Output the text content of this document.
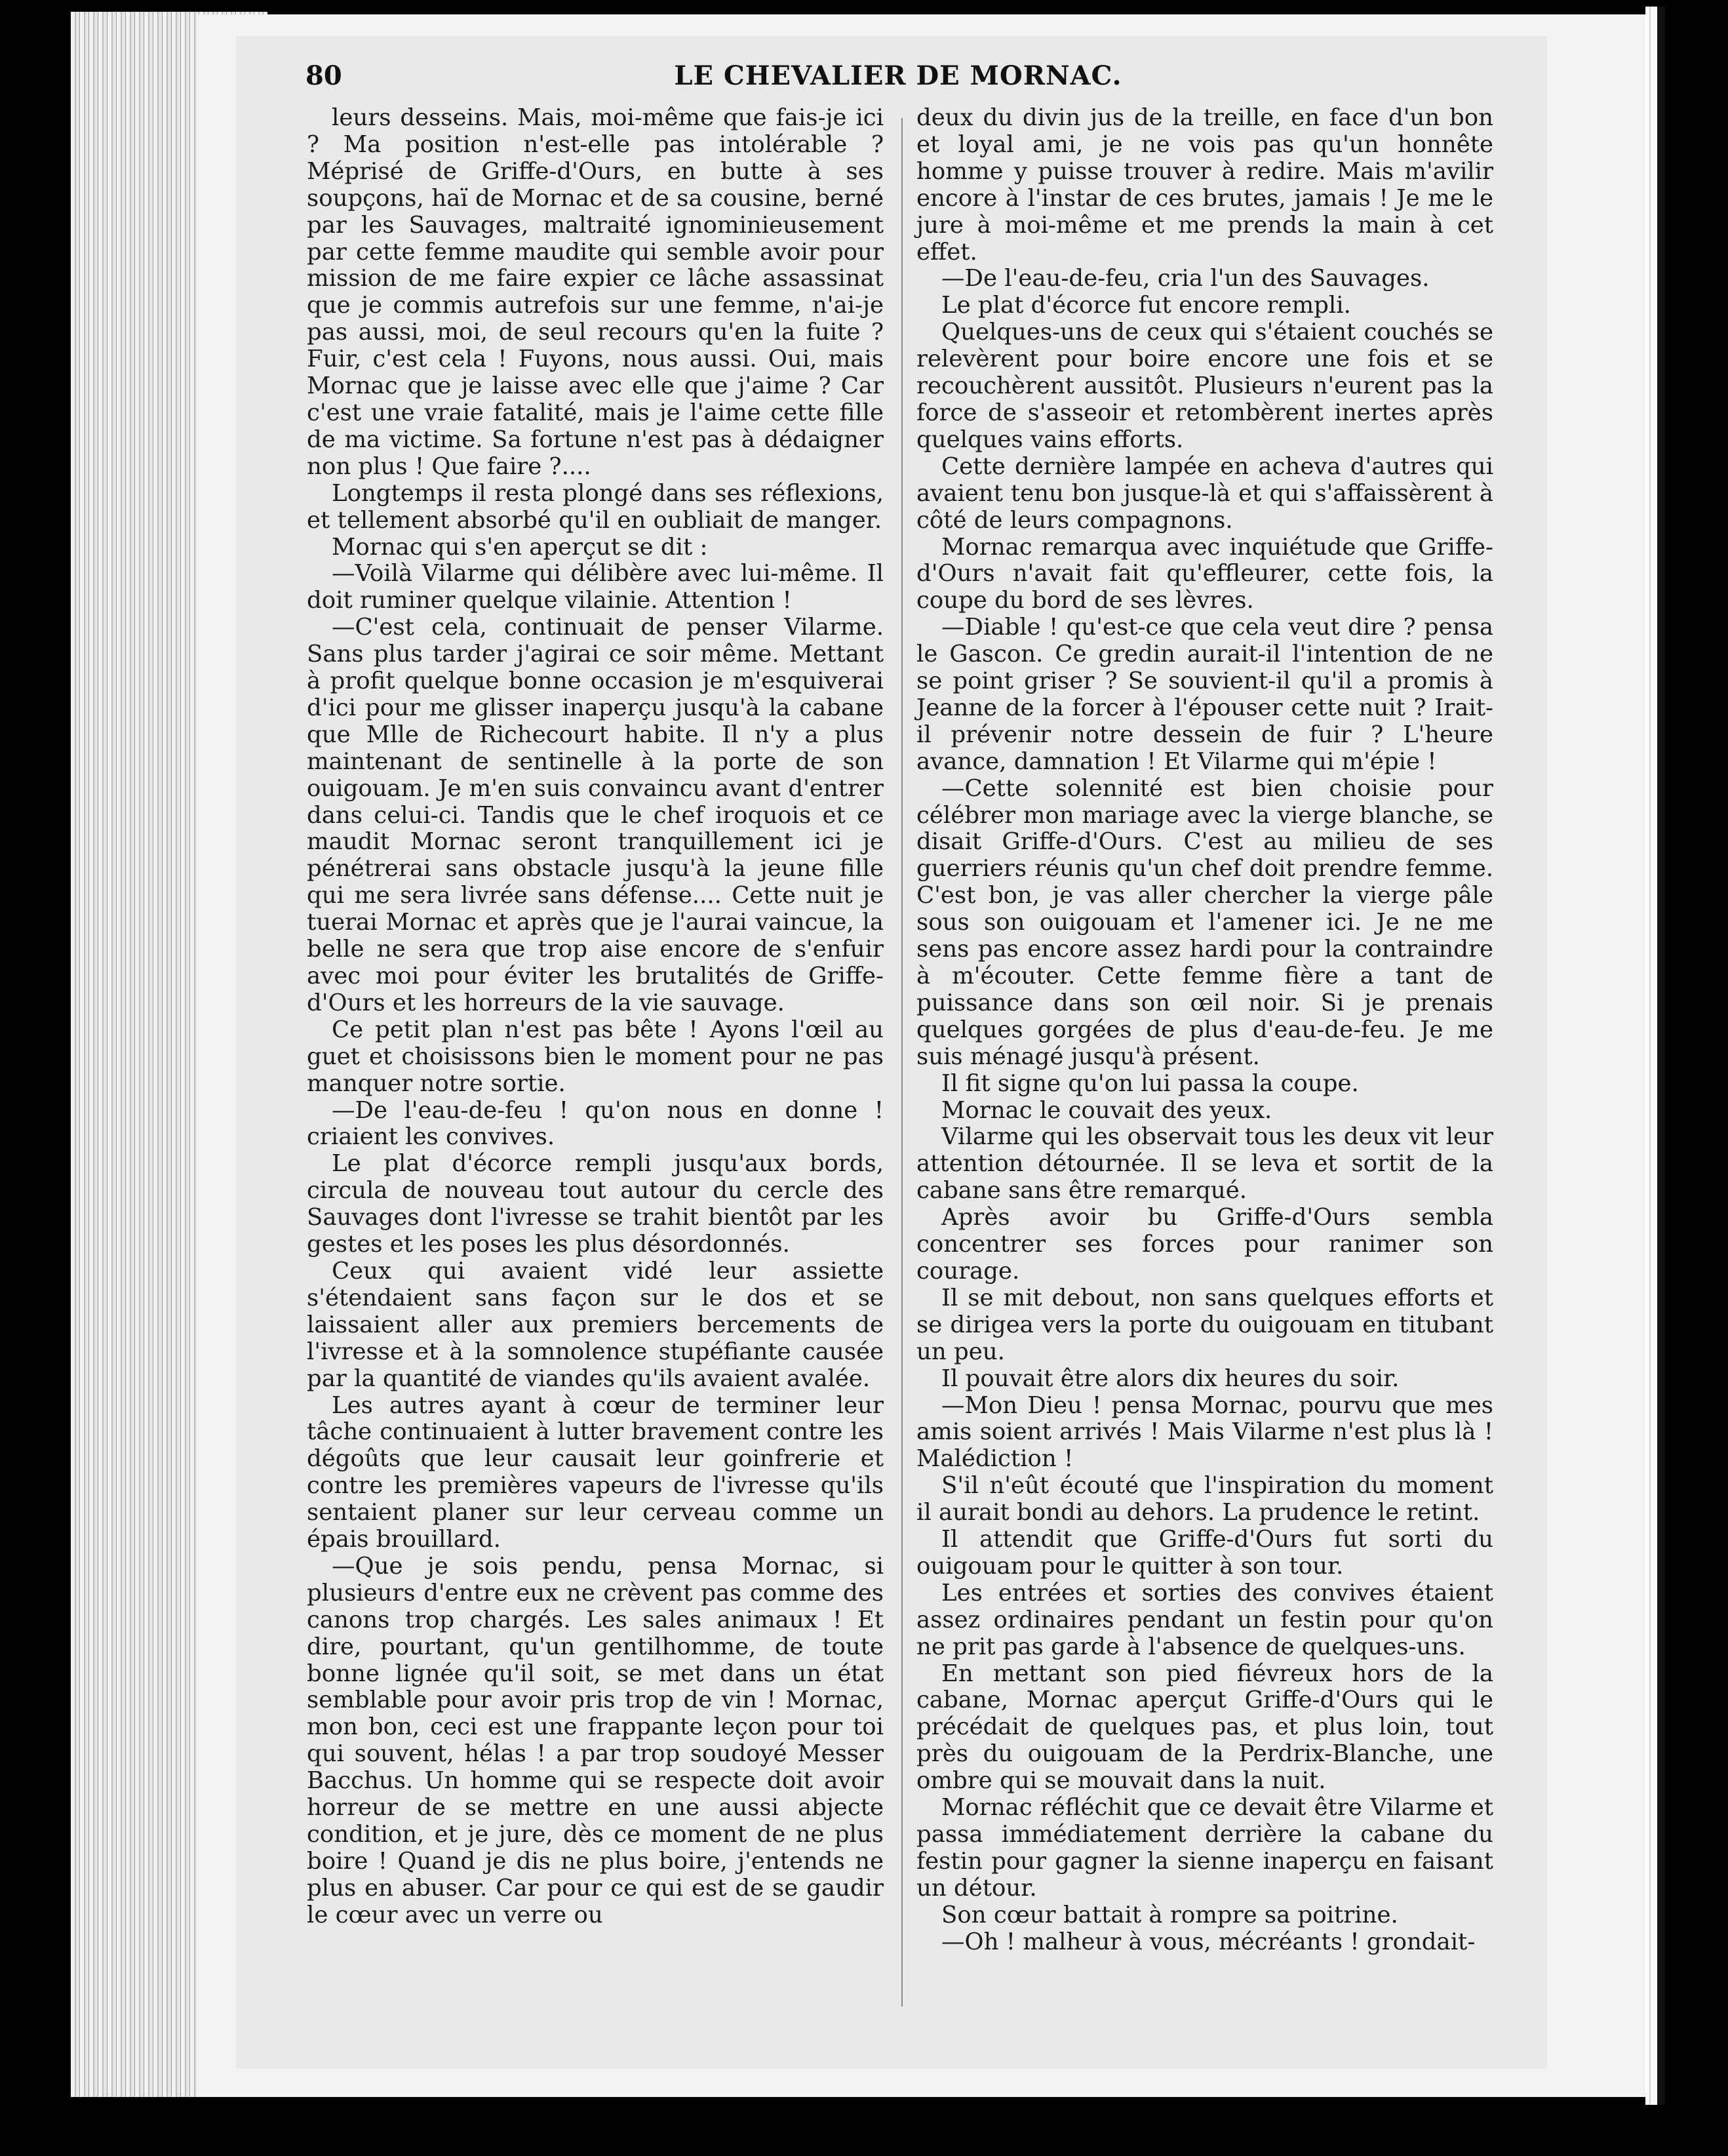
80	LE CHEVALIER DE MORNAC.

leurs desseins. Mais, moi-même que fais-je ici ? Ma position n'est-elle pas intolérable ? Méprisé de Griffe-d'Ours, en butte à ses soupçons, haï de Mornac et de sa cousine, berné par les Sauvages, maltraité ignominieusement par cette femme maudite qui semble avoir pour mission de me faire expier ce lâche assassinat que je commis autrefois sur une femme, n'ai-je pas aussi, moi, de seul recours qu'en la fuite ? Fuir, c'est cela ! Fuyons, nous aussi. Oui, mais Mornac que je laisse avec elle que j'aime ? Car c'est une vraie fatalité, mais je l'aime cette fille de ma victime. Sa fortune n'est pas à dédaigner non plus ! Que faire ?....

Longtemps il resta plongé dans ses réflexions, et tellement absorbé qu'il en oubliait de manger.

Mornac qui s'en aperçut se dit :

—Voilà Vilarme qui délibère avec lui-même. Il doit ruminer quelque vilainie. Attention !

—C'est cela, continuait de penser Vilarme. Sans plus tarder j'agirai ce soir même. Mettant à profit quelque bonne occasion je m'esquiverai d'ici pour me glisser inaperçu jusqu'à la cabane que Mlle de Richecourt habite. Il n'y a plus maintenant de sentinelle à la porte de son ouigouam. Je m'en suis convaincu avant d'entrer dans celui-ci. Tandis que le chef iroquois et ce maudit Mornac seront tranquillement ici je pénétrerai sans obstacle jusqu'à la jeune fille qui me sera livrée sans défense.... Cette nuit je tuerai Mornac et après que je l'aurai vaincue, la belle ne sera que trop aise encore de s'enfuir avec moi pour éviter les brutalités de Griffe-d'Ours et les horreurs de la vie sauvage.

Ce petit plan n'est pas bête ! Ayons l'œil au guet et choisissons bien le moment pour ne pas manquer notre sortie.

—De l'eau-de-feu ! qu'on nous en donne ! criaient les convives.

Le plat d'écorce rempli jusqu'aux bords, circula de nouveau tout autour du cercle des Sauvages dont l'ivresse se trahit bientôt par les gestes et les poses les plus désordonnés.

Ceux qui avaient vidé leur assiette s'étendaient sans façon sur le dos et se laissaient aller aux premiers bercements de l'ivresse et à la somnolence stupéfiante causée par la quantité de viandes qu'ils avaient avalée.

Les autres ayant à cœur de terminer leur tâche continuaient à lutter bravement contre les dégoûts que leur causait leur goinfrerie et contre les premières vapeurs de l'ivresse qu'ils sentaient planer sur leur cerveau comme un épais brouillard.

—Que je sois pendu, pensa Mornac, si plusieurs d'entre eux ne crèvent pas comme des canons trop chargés. Les sales animaux ! Et dire, pourtant, qu'un gentilhomme, de toute bonne lignée qu'il soit, se met dans un état semblable pour avoir pris trop de vin ! Mornac, mon bon, ceci est une frappante leçon pour toi qui souvent, hélas ! a par trop soudoyé Messer Bacchus. Un homme qui se respecte doit avoir horreur de se mettre en une aussi abjecte condition, et je jure, dès ce moment de ne plus boire ! Quand je dis ne plus boire, j'entends ne plus en abuser. Car pour ce qui est de se gaudir le cœur avec un verre ou

deux du divin jus de la treille, en face d'un bon et loyal ami, je ne vois pas qu'un honnête homme y puisse trouver à redire. Mais m'avilir encore à l'instar de ces brutes, jamais ! Je me le jure à moi-même et me prends la main à cet effet.

—De l'eau-de-feu, cria l'un des Sauvages.

Le plat d'écorce fut encore rempli.

Quelques-uns de ceux qui s'étaient couchés se relevèrent pour boire encore une fois et se recouchèrent aussitôt. Plusieurs n'eurent pas la force de s'asseoir et retombèrent inertes après quelques vains efforts.

Cette dernière lampée en acheva d'autres qui avaient tenu bon jusque-là et qui s'affaissèrent à côté de leurs compagnons.

Mornac remarqua avec inquiétude que Griffe-d'Ours n'avait fait qu'effleurer, cette fois, la coupe du bord de ses lèvres.

—Diable ! qu'est-ce que cela veut dire ? pensa le Gascon. Ce gredin aurait-il l'intention de ne se point griser ? Se souvient-il qu'il a promis à Jeanne de la forcer à l'épouser cette nuit ? Irait-il prévenir notre dessein de fuir ? L'heure avance, damnation ! Et Vilarme qui m'épie !

—Cette solennité est bien choisie pour célébrer mon mariage avec la vierge blanche, se disait Griffe-d'Ours. C'est au milieu de ses guerriers réunis qu'un chef doit prendre femme. C'est bon, je vas aller chercher la vierge pâle sous son ouigouam et l'amener ici. Je ne me sens pas encore assez hardi pour la contraindre à m'écouter. Cette femme fière a tant de puissance dans son œil noir. Si je prenais quelques gorgées de plus d'eau-de-feu. Je me suis ménagé jusqu'à présent.

Il fit signe qu'on lui passa la coupe.

Mornac le couvait des yeux.

Vilarme qui les observait tous les deux vit leur attention détournée. Il se leva et sortit de la cabane sans être remarqué.

Après avoir bu Griffe-d'Ours sembla concentrer ses forces pour ranimer son courage.

Il se mit debout, non sans quelques efforts et se dirigea vers la porte du ouigouam en titubant un peu.

Il pouvait être alors dix heures du soir.

—Mon Dieu ! pensa Mornac, pourvu que mes amis soient arrivés ! Mais Vilarme n'est plus là ! Malédiction !

S'il n'eût écouté que l'inspiration du moment il aurait bondi au dehors. La prudence le retint.

Il attendit que Griffe-d'Ours fut sorti du ouigouam pour le quitter à son tour.

Les entrées et sorties des convives étaient assez ordinaires pendant un festin pour qu'on ne prit pas garde à l'absence de quelques-uns.

En mettant son pied fiévreux hors de la cabane, Mornac aperçut Griffe-d'Ours qui le précédait de quelques pas, et plus loin, tout près du ouigouam de la Perdrix-Blanche, une ombre qui se mouvait dans la nuit.

Mornac réfléchit que ce devait être Vilarme et passa immédiatement derrière la cabane du festin pour gagner la sienne inaperçu en faisant un détour.

Son cœur battait à rompre sa poitrine.

—Oh ! malheur à vous, mécréants ! grondait-
